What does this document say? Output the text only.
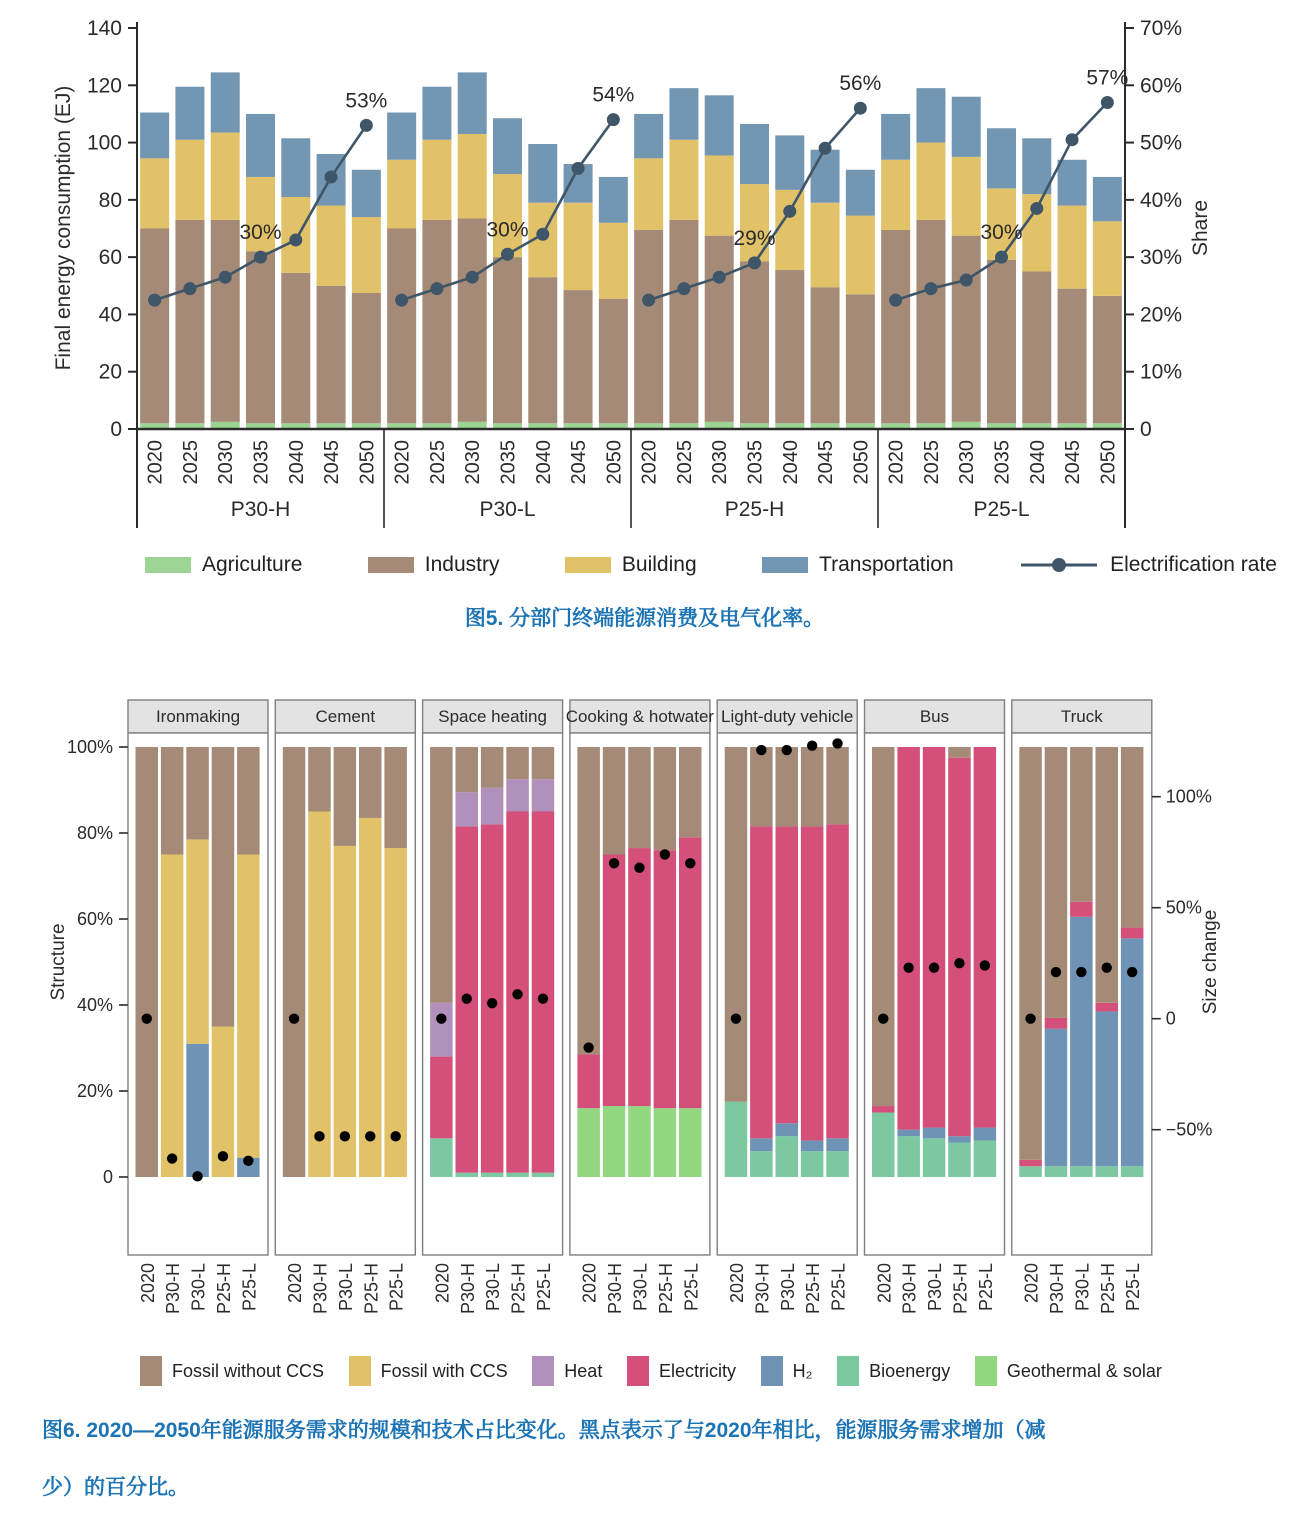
2020 2025 2030 2035 2040 2045 2050
30%
53%
P30-H
2020 2025 2030 2035 2040 2045 2050
30%
54%
P30-L
2020 2025 2030 2035 2040 2045 2050
29%
56%
P25-H
2020 2025 2030 2035 2040 2045 2050
30%
57%
P25-L
0
20
40
60
80
100
120
140
0
10%
20%
30%
40%
50%
60%
70%
Final energy consumption (EJ)	Share
Agriculture	Industry	Building	Transportation	Electrification rate
图5. 分部门终端能源消费及电气化率。
Ironmaking
2020 P30-H P30-L P25-H P25-L
Cement
2020 P30-H P30-L P25-H P25-L
Space heating
2020 P30-H P30-L P25-H P25-L
Cooking & hotwater
2020 P30-H P30-L P25-H P25-L
Light-duty vehicle
2020 P30-H P30-L P25-H P25-L
Bus
2020 P30-H P30-L P25-H P25-L
Truck
2020 P30-H P30-L P25-H P25-L
0
20%
40%
60%
80%
100%
−50%
0
50%
100%
Structure	Size change
Fossil without CCS	Fossil with CCS	Heat	Electricity	H₂	Bioenergy	Geothermal & solar
图6. 2020—2050年能源服务需求的规模和技术占比变化。黑点表示了与2020年相比，能源服务需求增加（减
少）的百分比。
